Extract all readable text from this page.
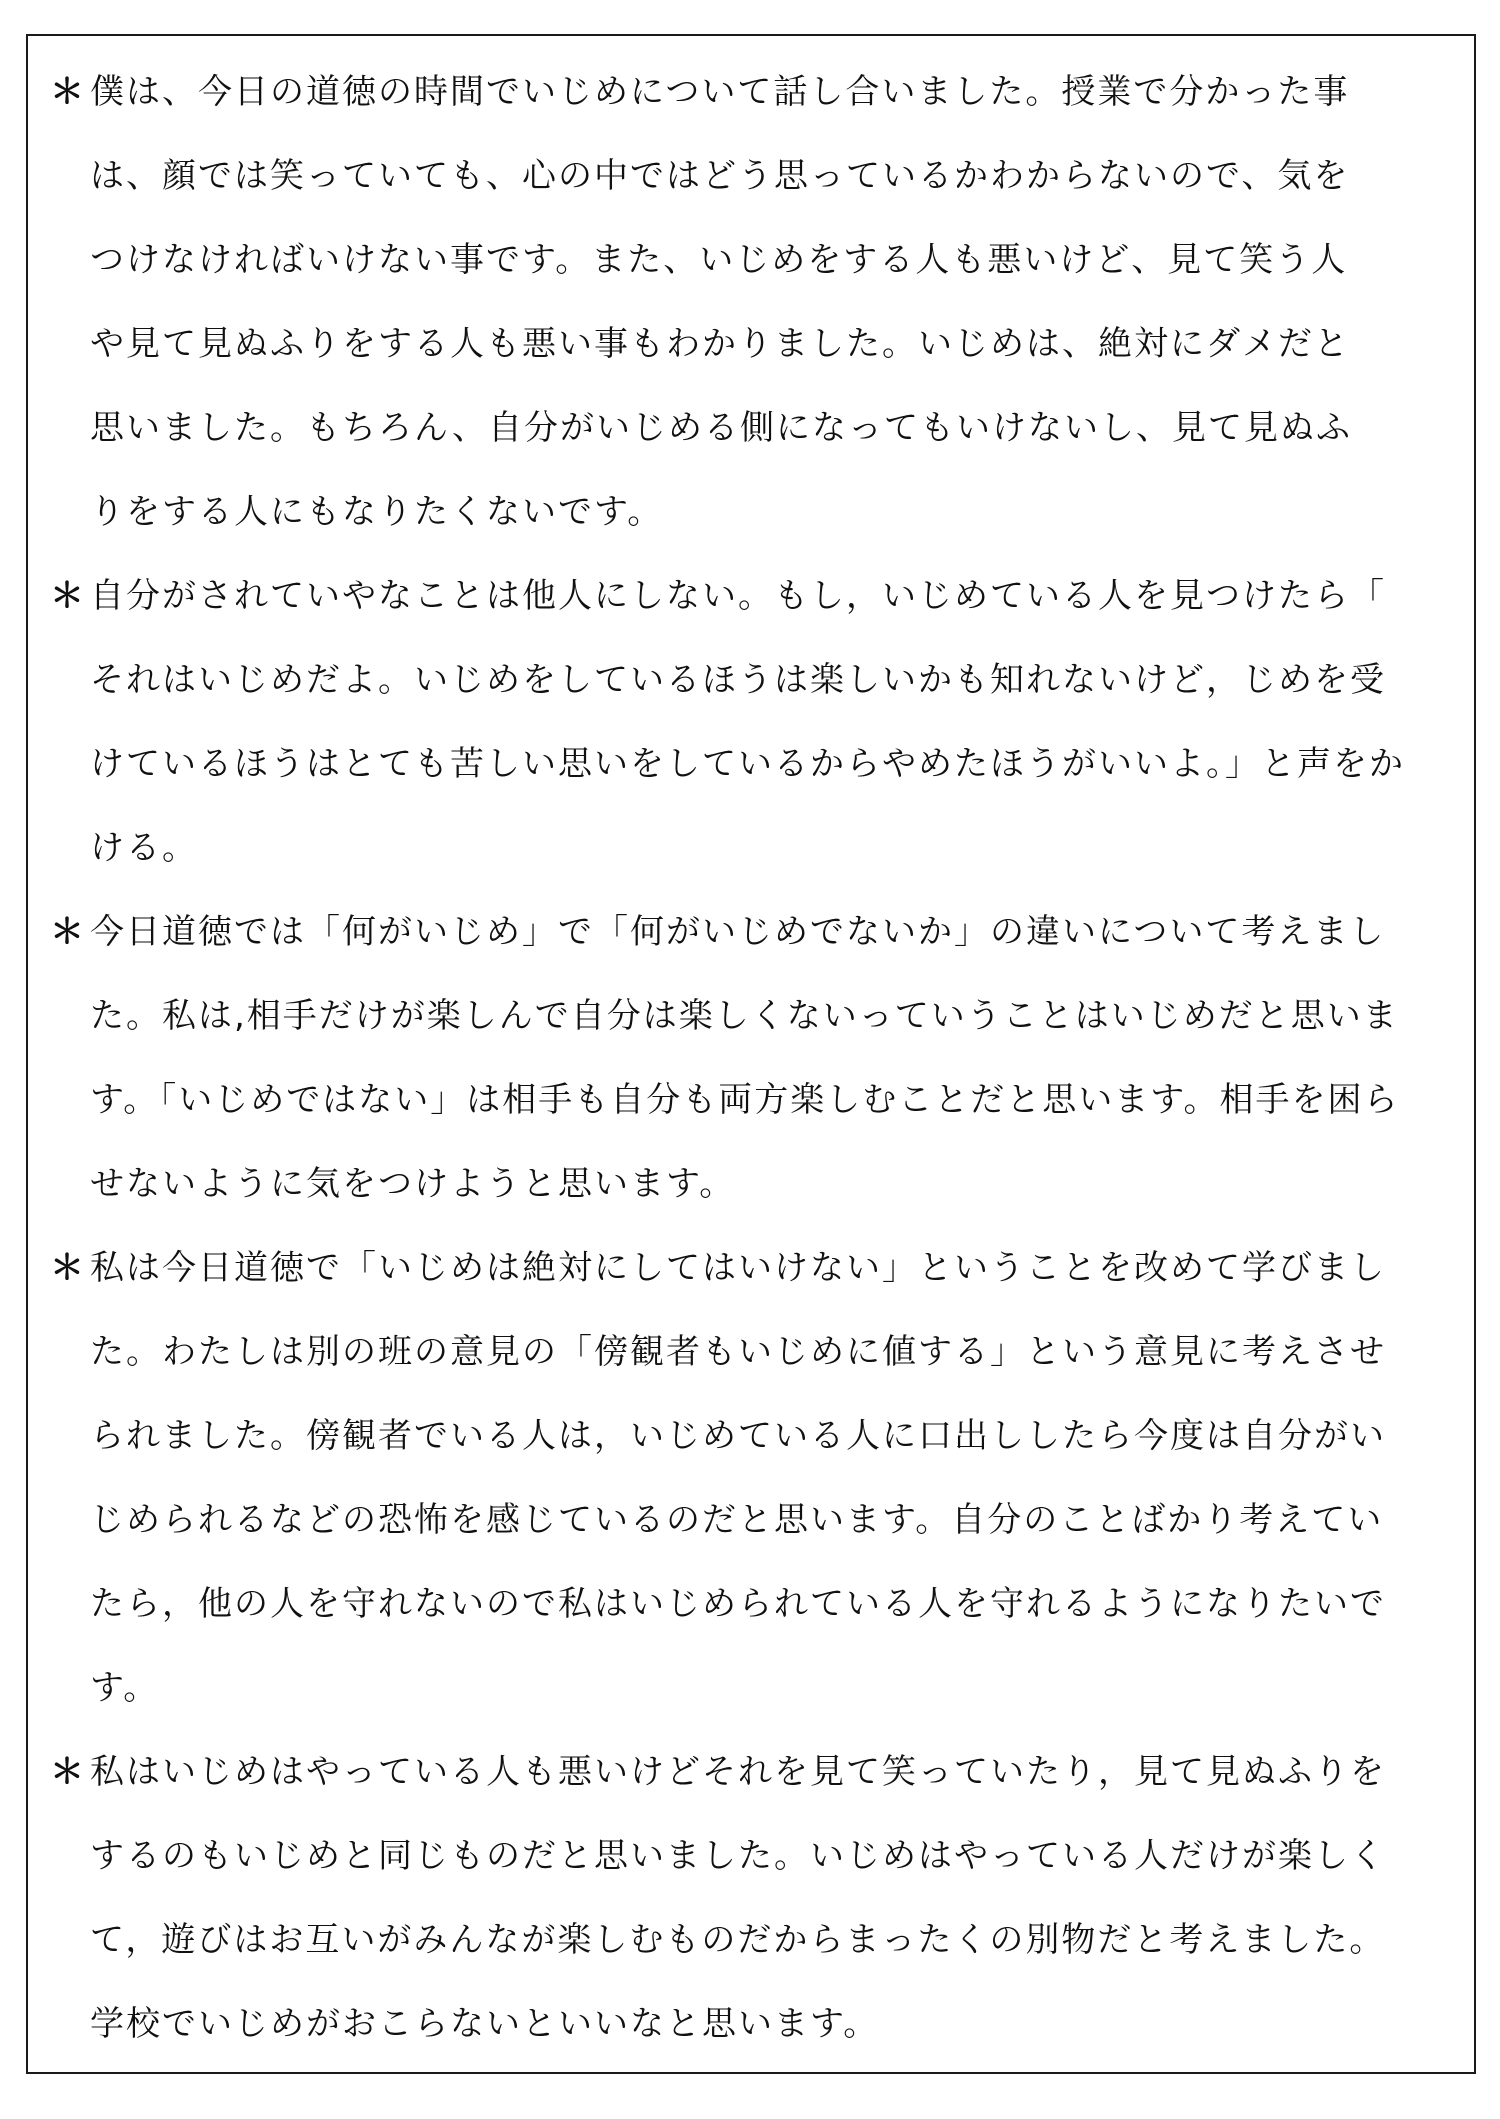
＊ 僕は、今日の道徳の時間でいじめについて話し合いました。授業で分かった事
は、顔では笑っていても、心の中ではどう思っているかわからないので、気を
つけなければいけない事です。また、いじめをする人も悪いけど、見て笑う人
や見て見ぬふりをする人も悪い事もわかりました。いじめは、絶対にダメだと
思いました。もちろん、自分がいじめる側になってもいけないし、見て見ぬふ
りをする人にもなりたくないです。
＊ 自分がされていやなことは他人にしない。もし，いじめている人を見つけたら「
それはいじめだよ。いじめをしているほうは楽しいかも知れないけど，じめを受
けているほうはとても苦しい思いをしているからやめたほうがいいよ。」と声をか
ける。
＊ 今日道徳では「何がいじめ」で「何がいじめでないか」の違いについて考えまし
た。私は,相手だけが楽しんで自分は楽しくないっていうことはいじめだと思いま
す。「いじめではない」は相手も自分も両方楽しむことだと思います。相手を困ら
せないように気をつけようと思います。
＊ 私は今日道徳で「いじめは絶対にしてはいけない」ということを改めて学びまし
た。わたしは別の班の意見の「傍観者もいじめに値する」という意見に考えさせ
られました。傍観者でいる人は，いじめている人に口出ししたら今度は自分がい
じめられるなどの恐怖を感じているのだと思います。自分のことばかり考えてい
たら，他の人を守れないので私はいじめられている人を守れるようになりたいで
す。
＊ 私はいじめはやっている人も悪いけどそれを見て笑っていたり，見て見ぬふりを
するのもいじめと同じものだと思いました。いじめはやっている人だけが楽しく
て，遊びはお互いがみんなが楽しむものだからまったくの別物だと考えました。
学校でいじめがおこらないといいなと思います。
